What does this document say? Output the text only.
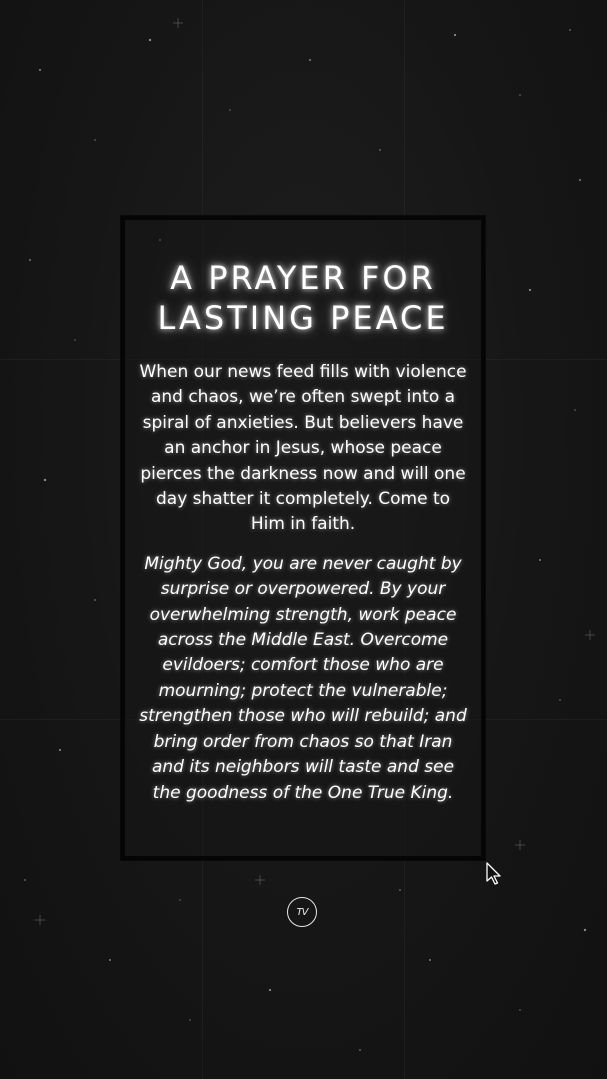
A PRAYER FOR
LASTING PEACE
When our news feed fills with violence and chaos, we’re often swept into a spiral of anxieties. But believers have an anchor in Jesus, whose peace pierces the darkness now and will one day shatter it completely. Come to Him in faith.
Mighty God, you are never caught by surprise or overpowered. By your overwhelming strength, work peace across the Middle East. Overcome evildoers; comfort those who are mourning; protect the vulnerable; strengthen those who will rebuild; and bring order from chaos so that Iran and its neighbors will taste and see the goodness of the One True King.
TV
